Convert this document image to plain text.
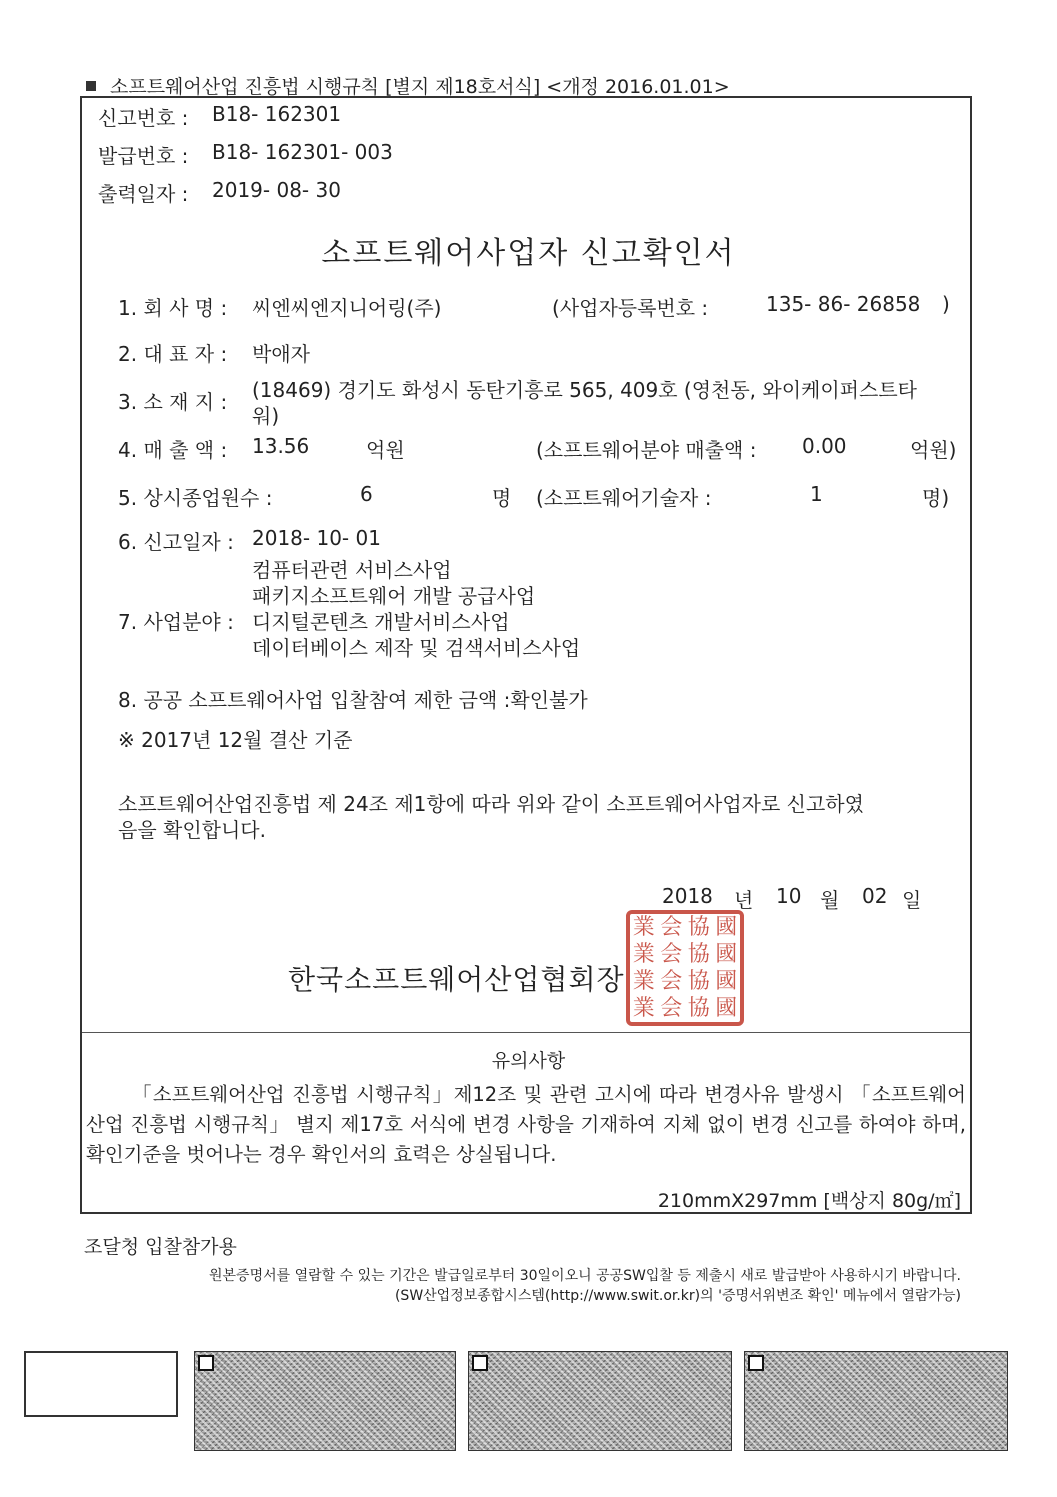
소프트웨어산업 진흥법 시행규칙 [별지 제18호서식] <개정 2016.01.01>
신고번호 : B18- 162301
발급번호 : B18- 162301- 003
출력일자 : 2019- 08- 30
소프트웨어사업자 신고확인서
1. 회 사 명 : 씨엔씨엔지니어링(주)	(사업자등록번호 :	135- 86- 26858 )
2. 대 표 자 : 박애자
3. 소 재 지 : (18469) 경기도 화성시 동탄기흥로 565, 409호 (영천동, 와이케이퍼스트타
워)
4. 매 출 액 : 13.56	억원	(소프트웨어분야 매출액 : 0.00	억원)
5. 상시종업원수 :	6	명 (소프트웨어기술자 :	1	명)
6. 신고일자 : 2018- 10- 01
컴퓨터관련 서비스사업
패키지소프트웨어 개발 공급사업
7. 사업분야 : 디지털콘텐츠 개발서비스사업
데이터베이스 제작 및 검색서비스사업
8. 공공 소프트웨어사업 입찰참여 제한 금액 :확인불가
※ 2017년 12월 결산 기준
소프트웨어산업진흥법 제 24조 제1항에 따라 위와 같이 소프트웨어사업자로 신고하였
음을 확인합니다.
2018 년 10 월 02 일
한국소프트웨어산업협회장
業 会 協 國
業 会 協 國
業 会 協 國
業 会 協 國
유의사항
「소프트웨어산업 진흥법 시행규칙」제12조 및 관련 고시에 따라 변경사유 발생시 「소프트웨어산업 진흥법 시행규칙」 별지 제17호 서식에 변경 사항을 기재하여 지체 없이 변경 신고를 하여야 하며, 확인기준을 벗어나는 경우 확인서의 효력은 상실됩니다.
210mmX297mm [백상지 80g/㎡]
조달청 입찰참가용
원본증명서를 열람할 수 있는 기간은 발급일로부터 30일이오니 공공SW입찰 등 제출시 새로 발급받아 사용하시기 바랍니다.
(SW산업정보종합시스템(http://www.swit.or.kr)의 '증명서위변조 확인' 메뉴에서 열람가능)
